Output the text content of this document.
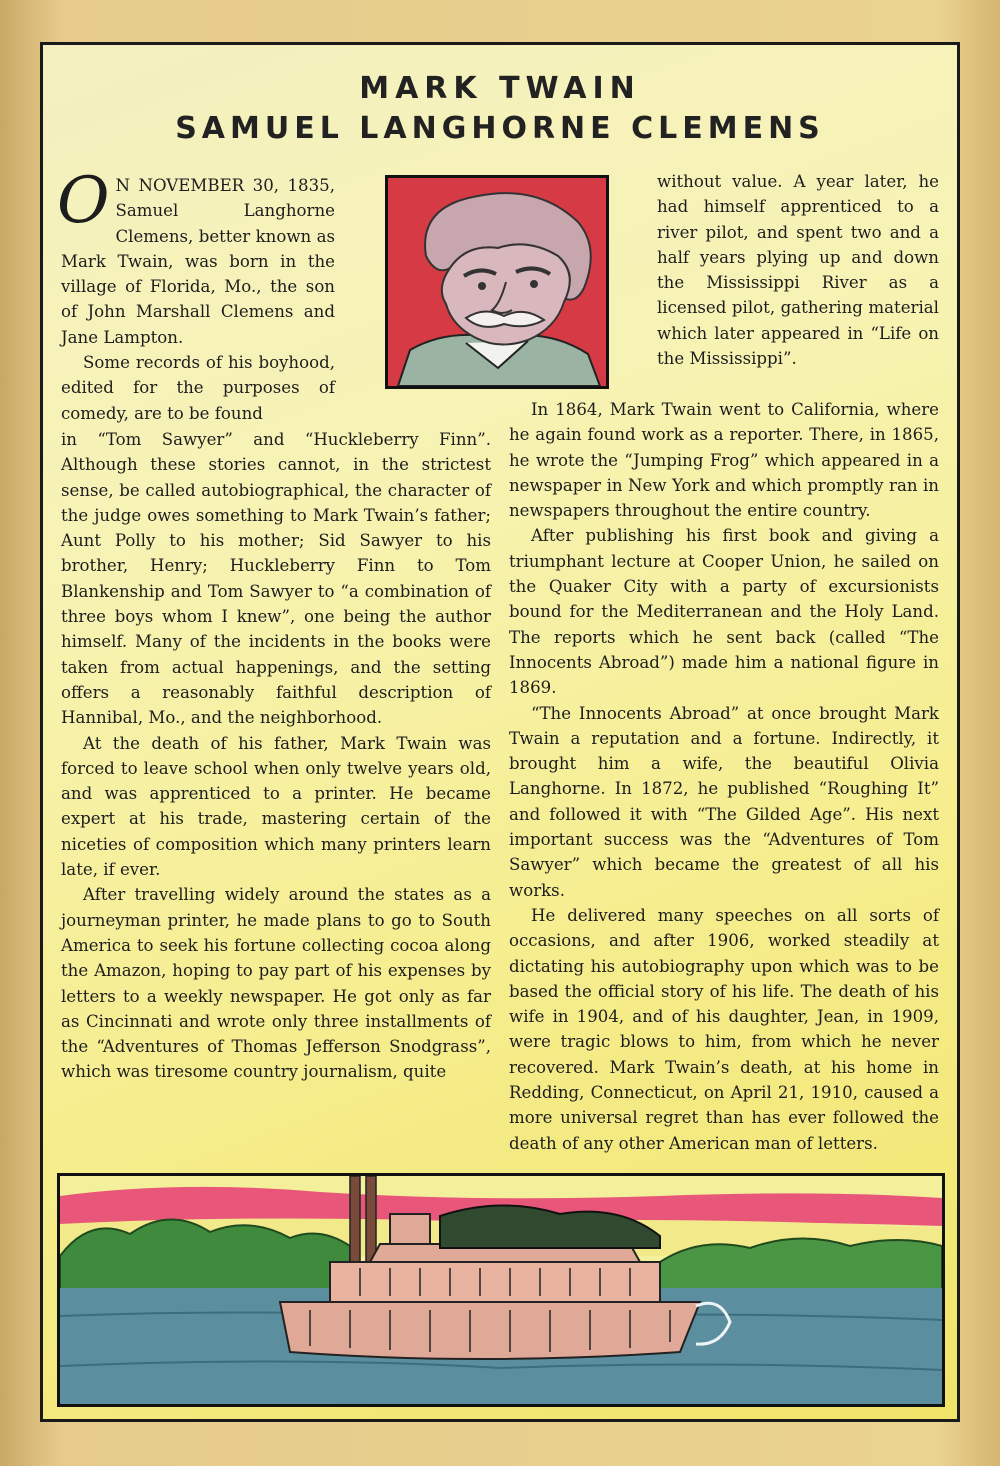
MARK TWAIN
SAMUEL LANGHORNE CLEMENS

O N NOVEMBER 30, 1835, Samuel Langhorne Clemens, better known as Mark Twain, was born in the village of Florida, Mo., the son of John Marshall Clemens and Jane Lampton.

Some records of his boyhood, edited for the purposes of comedy, are to be found

in “Tom Sawyer” and “Huckleberry Finn”. Although these stories cannot, in the strictest sense, be called autobiographical, the character of the judge owes something to Mark Twain’s father; Aunt Polly to his mother; Sid Sawyer to his brother, Henry; Huckleberry Finn to Tom Blankenship and Tom Sawyer to “a combination of three boys whom I knew”, one being the author himself. Many of the incidents in the books were taken from actual happenings, and the setting offers a reasonably faithful description of Hannibal, Mo., and the neighborhood.

At the death of his father, Mark Twain was forced to leave school when only twelve years old, and was apprenticed to a printer. He became expert at his trade, mastering certain of the niceties of composition which many printers learn late, if ever.

After travelling widely around the states as a journeyman printer, he made plans to go to South America to seek his fortune collecting cocoa along the Amazon, hoping to pay part of his expenses by letters to a weekly newspaper. He got only as far as Cincinnati and wrote only three installments of the “Adventures of Thomas Jefferson Snodgrass”, which was tiresome country journalism, quite

without value. A year later, he had himself apprenticed to a river pilot, and spent two and a half years plying up and down the Mississippi River as a licensed pilot, gathering material which later appeared in “Life on the Mississippi”.

In 1864, Mark Twain went to California, where he again found work as a reporter. There, in 1865, he wrote the “Jumping Frog” which appeared in a newspaper in New York and which promptly ran in newspapers throughout the entire country.

After publishing his first book and giving a triumphant lecture at Cooper Union, he sailed on the Quaker City with a party of excursionists bound for the Mediterranean and the Holy Land. The reports which he sent back (called “The Innocents Abroad”) made him a national figure in 1869.

“The Innocents Abroad” at once brought Mark Twain a reputation and a fortune. Indirectly, it brought him a wife, the beautiful Olivia Langhorne. In 1872, he published “Roughing It” and followed it with “The Gilded Age”. His next important success was the “Adventures of Tom Sawyer” which became the greatest of all his works.

He delivered many speeches on all sorts of occasions, and after 1906, worked steadily at dictating his autobiography upon which was to be based the official story of his life. The death of his wife in 1904, and of his daughter, Jean, in 1909, were tragic blows to him, from which he never recovered. Mark Twain’s death, at his home in Redding, Connecticut, on April 21, 1910, caused a more universal regret than has ever followed the death of any other American man of letters.
